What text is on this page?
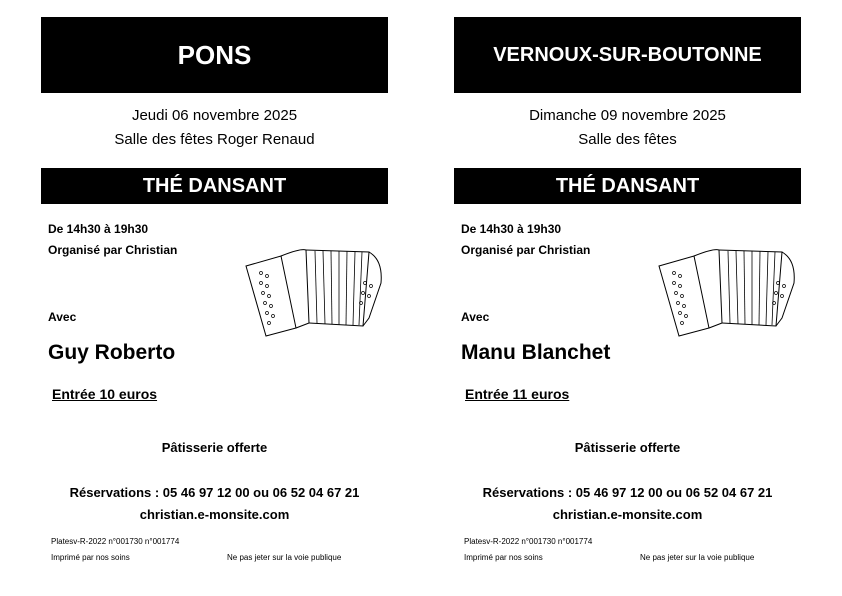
PONS
Jeudi 06 novembre 2025
Salle des fêtes Roger Renaud
THÉ DANSANT
De 14h30 à 19h30
Organisé par Christian
Avec
Guy Roberto
Entrée 10 euros
Pâtisserie offerte
Réservations : 05 46 97 12 00 ou 06 52 04 67 21
christian.e-monsite.com
Platesv-R-2022 n°001730 n°001774
Imprimé par nos soins	Ne pas jeter sur la voie publique
VERNOUX-SUR-BOUTONNE
Dimanche 09 novembre 2025
Salle des fêtes
THÉ DANSANT
De 14h30 à 19h30
Organisé par Christian
Avec
Manu Blanchet
Entrée 11 euros
Pâtisserie offerte
Réservations : 05 46 97 12 00 ou 06 52 04 67 21
christian.e-monsite.com
Platesv-R-2022 n°001730 n°001774
Imprimé par nos soins	Ne pas jeter sur la voie publique
